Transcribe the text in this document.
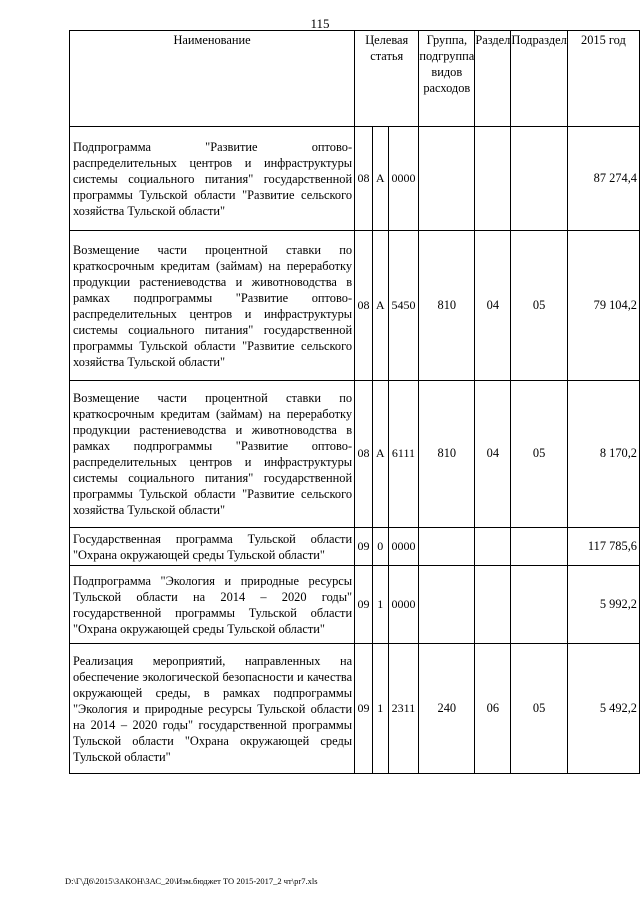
115
Наименование	Целевая статья			Группа, подгруппа видов расходов	Раздел	Подраздел	2015 год
Подпрограмма "Развитие оптово-распределительных центров и инфраструктуры системы социального питания" государственной программы Тульской области "Развитие сельского хозяйства Тульской области"	08	А	0000				87 274,4
Возмещение части процентной ставки по краткосрочным кредитам (займам) на переработку продукции растениеводства и животноводства в рамках подпрограммы "Развитие оптово-распределительных центров и инфраструктуры системы социального питания" государственной программы Тульской области "Развитие сельского хозяйства Тульской области"	08	А	5450	810	04	05	79 104,2
Возмещение части процентной ставки по краткосрочным кредитам (займам) на переработку продукции растениеводства и животноводства в рамках подпрограммы "Развитие оптово-распределительных центров и инфраструктуры системы социального питания" государственной программы Тульской области "Развитие сельского хозяйства Тульской области"	08	А	6111	810	04	05	8 170,2
Государственная программа Тульской области "Охрана окружающей среды Тульской области"	09	0	0000				117 785,6
Подпрограмма "Экология и природные ресурсы Тульской области на 2014 – 2020 годы" государственной программы Тульской области "Охрана окружающей среды Тульской области"	09	1	0000				5 992,2
Реализация мероприятий, направленных на обеспечение экологической безопасности и качества окружающей среды, в рамках подпрограммы "Экология и природные ресурсы Тульской области на 2014 – 2020 годы" государственной программы Тульской области "Охрана окружающей среды Тульской области"	09	1	2311	240	06	05	5 492,2
D:\Г\Д6\2015\ЗАКОН\ЗАС_20\Изм.бюджет ТО 2015-2017_2 чт\pr7.xls
